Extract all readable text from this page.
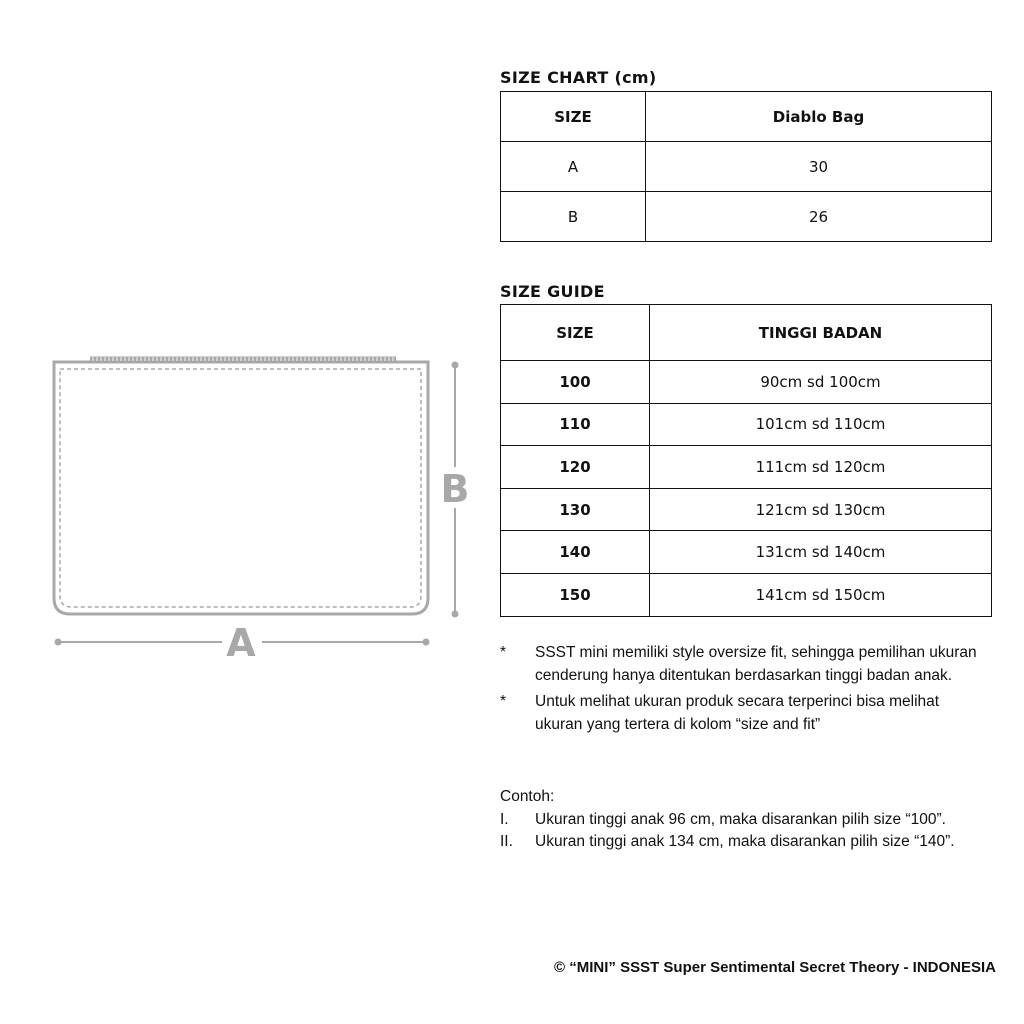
B
A
SIZE CHART (cm)
SIZE	Diablo Bag
A	30
B	26
SIZE GUIDE
SIZE	TINGGI BADAN
100	90cm sd 100cm
110	101cm sd 110cm
120	111cm sd 120cm
130	121cm sd 130cm
140	131cm sd 140cm
150	141cm sd 150cm
*	SSST mini memiliki style oversize fit, sehingga pemilihan ukuran cenderung hanya ditentukan berdasarkan tinggi badan anak.
*	Untuk melihat ukuran produk secara terperinci bisa melihat ukuran yang tertera di kolom “size and fit”
Contoh:
I.	Ukuran tinggi anak 96 cm, maka disarankan pilih size “100”.
II.	Ukuran tinggi anak 134 cm, maka disarankan pilih size “140”.
© “MINI” SSST Super Sentimental Secret Theory - INDONESIA
